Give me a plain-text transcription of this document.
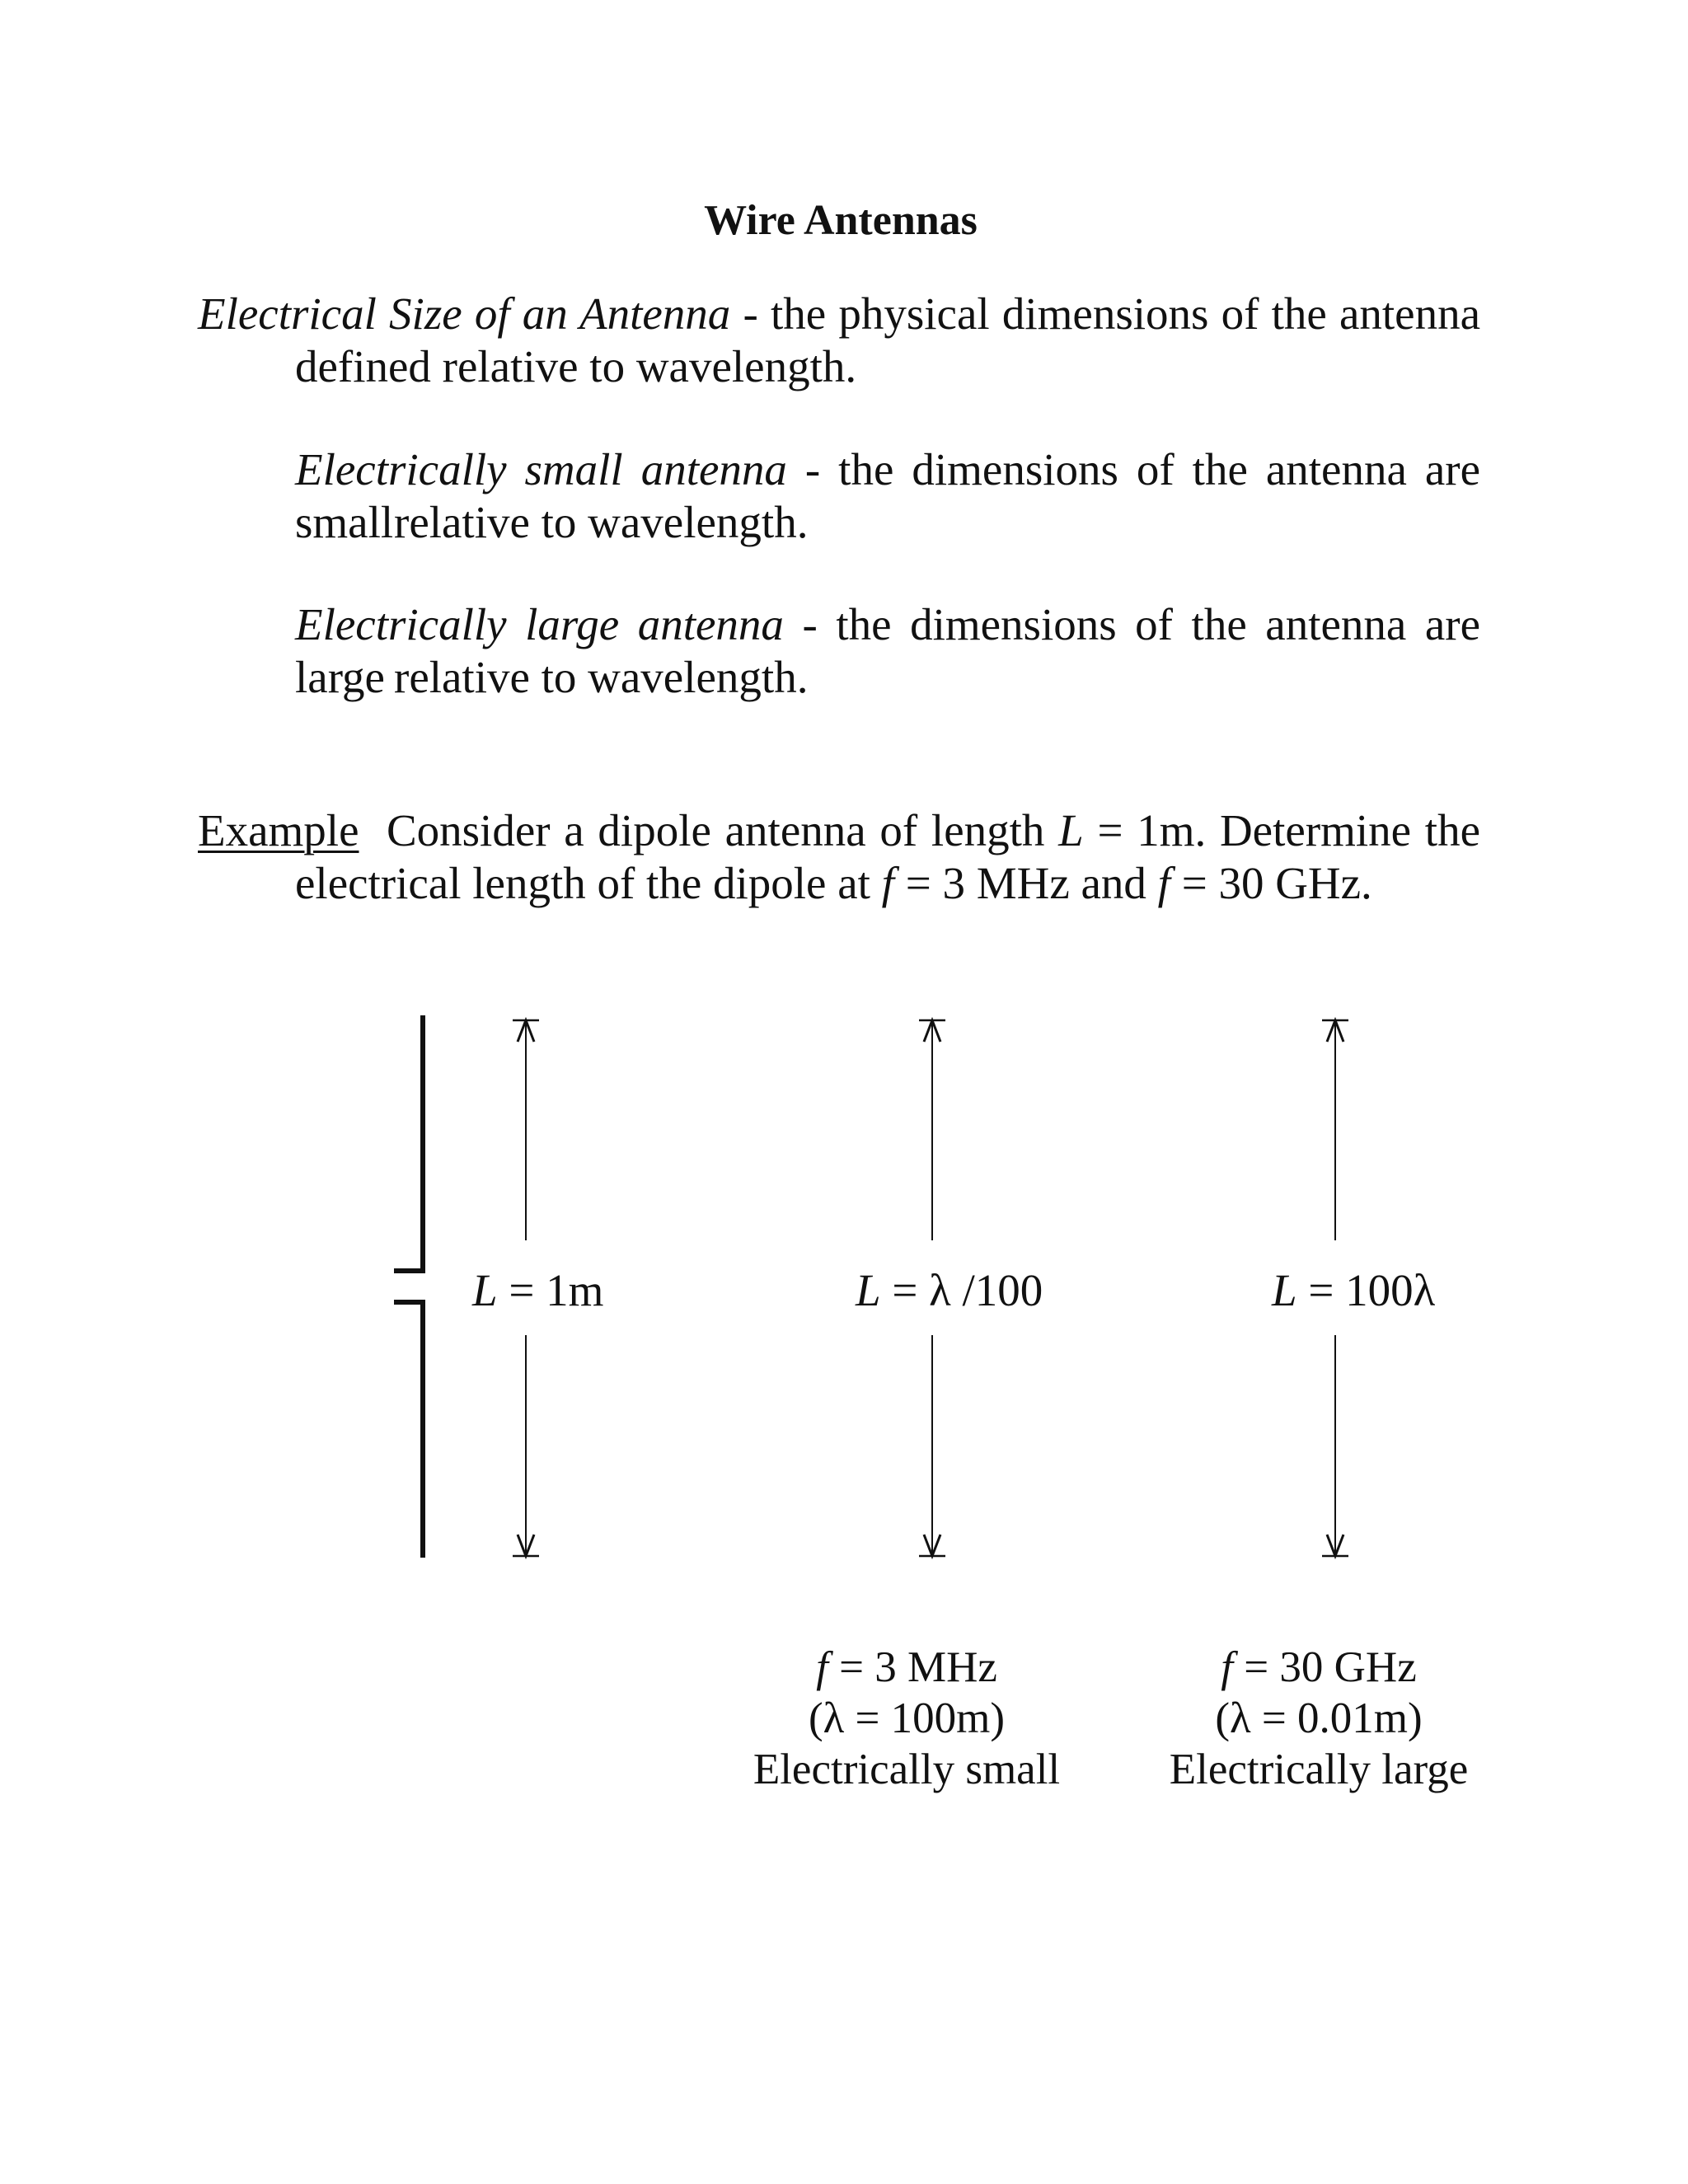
Wire Antennas
Electrical Size of an Antenna - the physical dimensions of the antenna
defined relative to wavelength.
Electrically small antenna - the dimensions of the antenna are small relative to wavelength.
Electrically large antenna - the dimensions of the antenna are large relative to wavelength.
Example Consider a dipole antenna of length L = 1m. Determine the
electrical length of the dipole at f = 3 MHz and f = 30 GHz.
L = 1m	L = λ /100	L = 100λ
f = 3 MHz
(λ = 100m)
Electrically small
f = 30 GHz
(λ = 0.01m)
Electrically large
